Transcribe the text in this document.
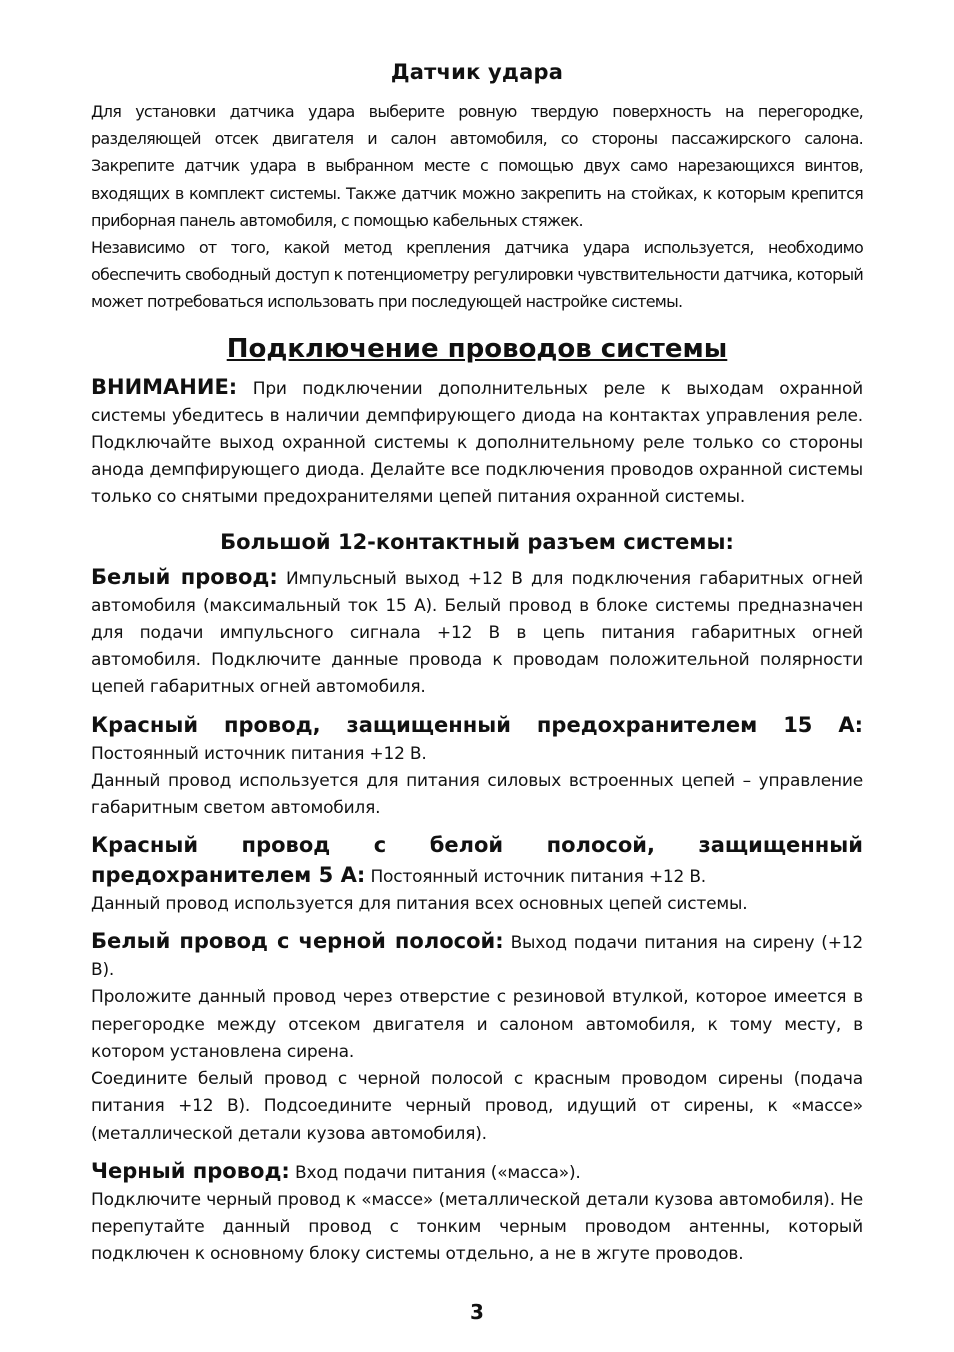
Датчик удара

Для установки датчика удара выберите ровную твердую поверхность на перегородке, разделяющей отсек двигателя и салон автомобиля, со стороны пассажирского салона. Закрепите датчик удара в выбранном месте с помощью двух само нарезающихся винтов, входящих в комплект системы. Также датчик можно закрепить на стойках, к которым крепится приборная панель автомобиля, с помощью кабельных стяжек.

Независимо от того, какой метод крепления датчика удара используется, необходимо обеспечить свободный доступ к потенциометру регулировки чувствительности датчика, который может потребоваться использовать при последующей настройке системы.

Подключение проводов системы

ВНИМАНИЕ: При подключении дополнительных реле к выходам охранной системы убедитесь в наличии демпфирующего диода на контактах управления реле. Подключайте выход охранной системы к дополнительному реле только со стороны анода демпфирующего диода. Делайте все подключения проводов охранной системы только со снятыми предохранителями цепей питания охранной системы.

Большой 12-контактный разъем системы:

Белый провод: Импульсный выход +12 В для подключения габаритных огней автомобиля (максимальный ток 15 А). Белый провод в блоке системы предназначен для подачи импульсного сигнала +12 В в цепь питания габаритных огней автомобиля. Подключите данные провода к проводам положительной полярности цепей габаритных огней автомобиля.

Красный провод, защищенный предохранителем 15 А: Постоянный источник питания +12 В.

Данный провод используется для питания силовых встроенных цепей – управление габаритным светом автомобиля.

Красный провод с белой полосой, защищенный предохранителем 5 А: Постоянный источник питания +12 В.

Данный провод используется для питания всех основных цепей системы.

Белый провод с черной полосой: Выход подачи питания на сирену (+12 В).

Проложите данный провод через отверстие с резиновой втулкой, которое имеется в перегородке между отсеком двигателя и салоном автомобиля, к тому месту, в котором установлена сирена.

Соедините белый провод с черной полосой с красным проводом сирены (подача питания +12 В). Подсоедините черный провод, идущий от сирены, к «массе» (металлической детали кузова автомобиля).

Черный провод: Вход подачи питания («масса»).

Подключите черный провод к «массе» (металлической детали кузова автомобиля). Не перепутайте данный провод с тонким черным проводом антенны, который подключен к основному блоку системы отдельно, а не в жгуте проводов.

3
